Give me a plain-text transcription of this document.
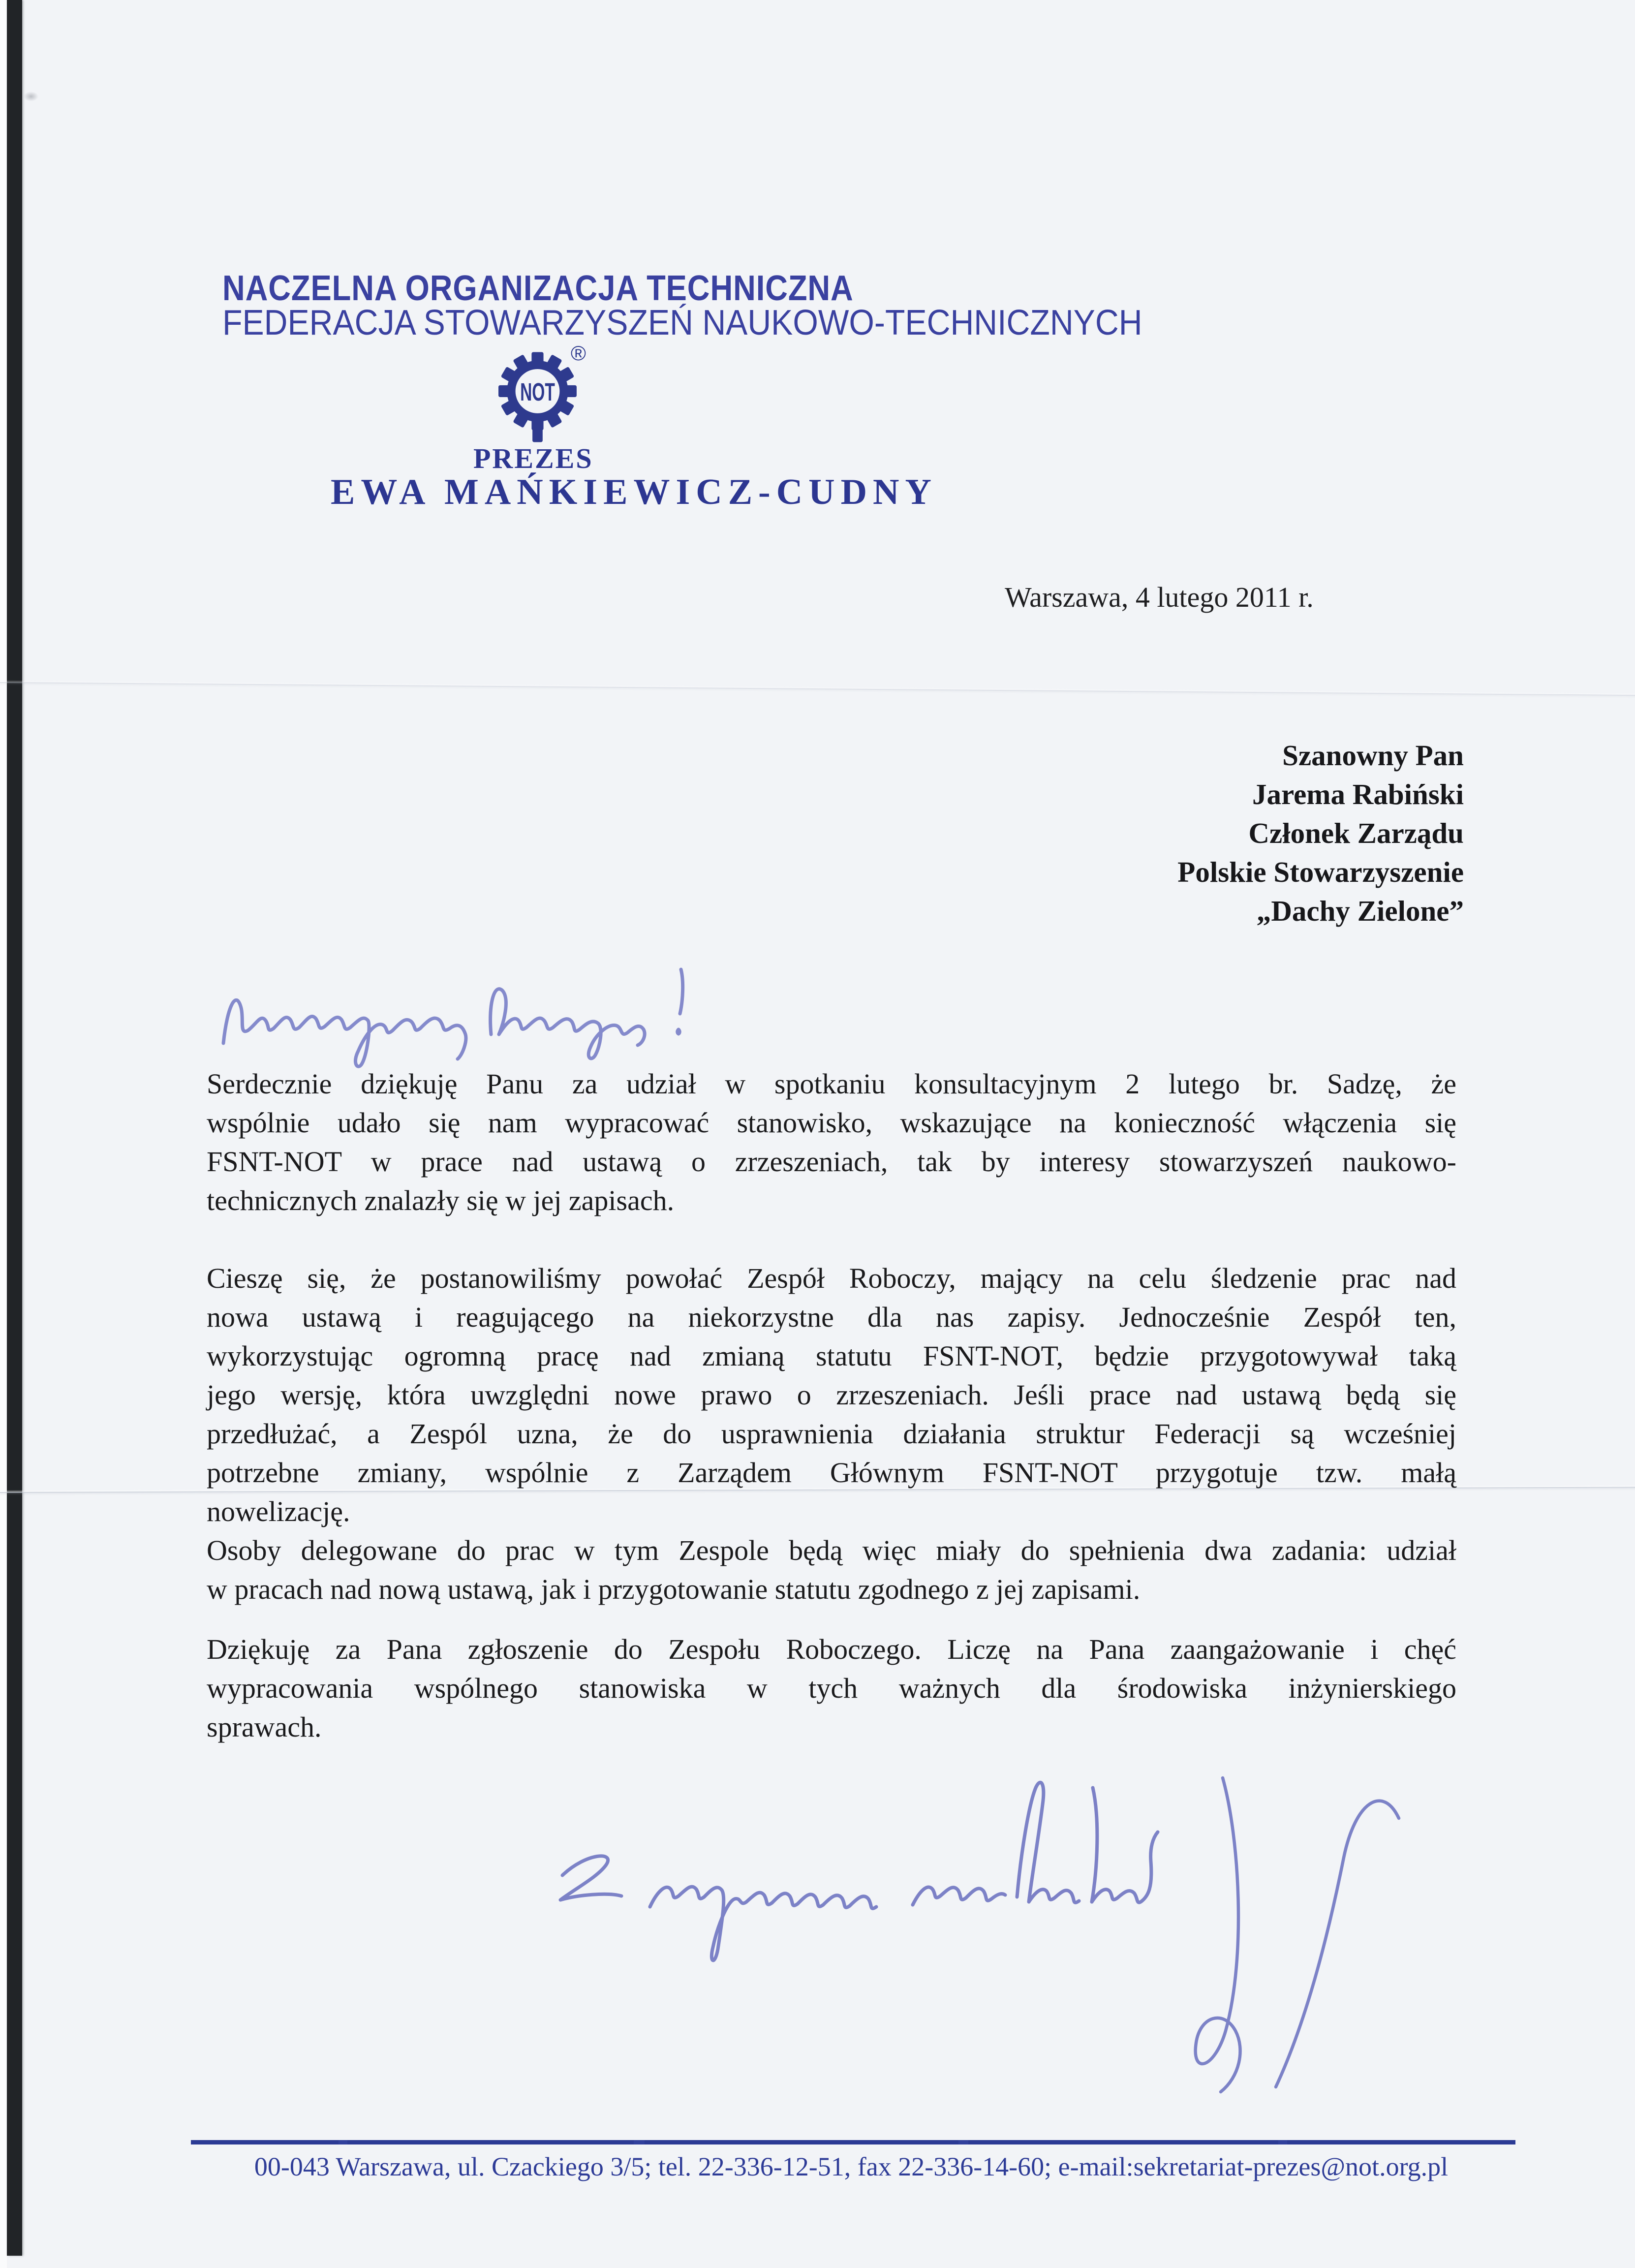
NACZELNA ORGANIZACJA TECHNICZNA
FEDERACJA STOWARZYSZEŃ NAUKOWO-TECHNICZNYCH
NOT
®
PREZES
EWA MAŃKIEWICZ-CUDNY
Warszawa, 4 lutego 2011 r.
Szanowny Pan
Jarema Rabiński
Członek Zarządu
Polskie Stowarzyszenie
„Dachy Zielone”
Serdecznie dziękuję Panu za udział w spotkaniu konsultacyjnym 2 lutego br. Sadzę, że
wspólnie udało się nam wypracować stanowisko, wskazujące na konieczność włączenia się
FSNT-NOT w prace nad ustawą o zrzeszeniach, tak by interesy stowarzyszeń naukowo-
technicznych znalazły się w jej zapisach.
Cieszę się, że postanowiliśmy powołać Zespół Roboczy, mający na celu śledzenie prac nad
nowa ustawą i reagującego na niekorzystne dla nas zapisy. Jednocześnie Zespół ten,
wykorzystując ogromną pracę nad zmianą statutu FSNT-NOT, będzie przygotowywał taką
jego wersję, która uwzględni nowe prawo o zrzeszeniach. Jeśli prace nad ustawą będą się
przedłużać, a Zespól uzna, że do usprawnienia działania struktur Federacji są wcześniej
potrzebne zmiany, wspólnie z Zarządem Głównym FSNT-NOT przygotuje tzw. małą
nowelizację.
Osoby delegowane do prac w tym Zespole będą więc miały do spełnienia dwa zadania: udział
w pracach nad nową ustawą, jak i przygotowanie statutu zgodnego z jej zapisami.
Dziękuję za Pana zgłoszenie do Zespołu Roboczego. Liczę na Pana zaangażowanie i chęć
wypracowania wspólnego stanowiska w tych ważnych dla środowiska inżynierskiego
sprawach.
00-043 Warszawa, ul. Czackiego 3/5; tel. 22-336-12-51, fax 22-336-14-60; e-mail:sekretariat-prezes@not.org.pl
